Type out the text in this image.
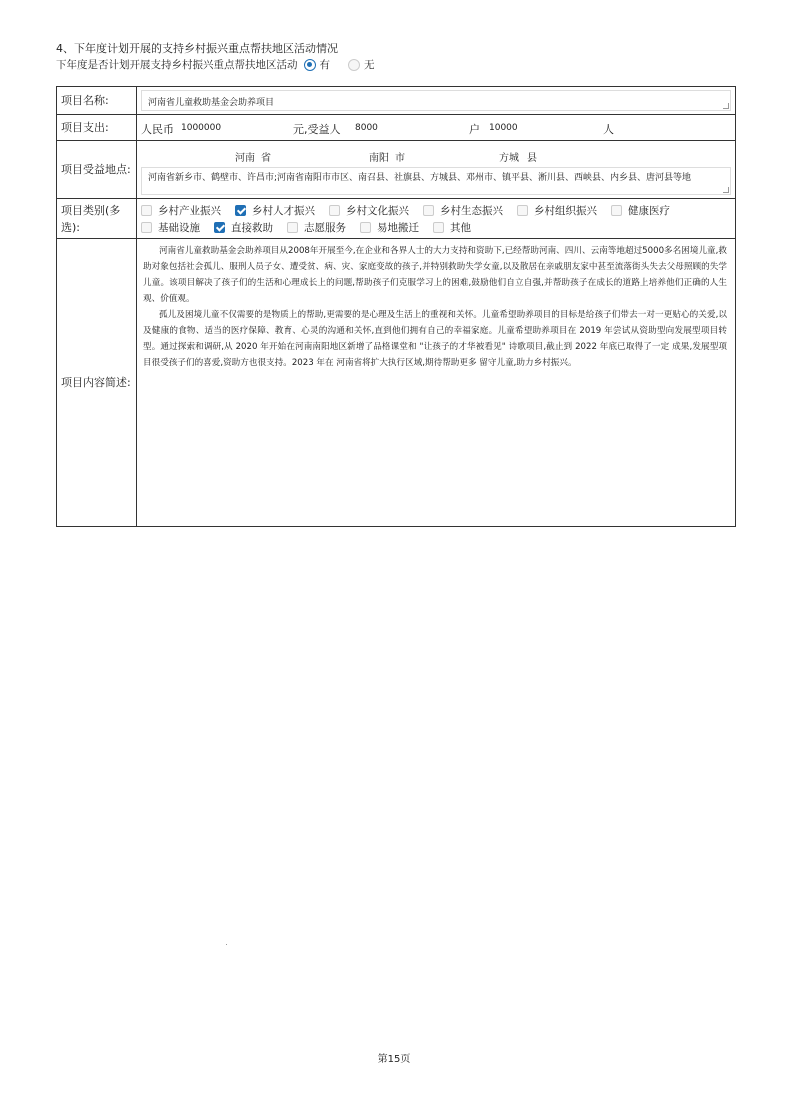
4、下年度计划开展的支持乡村振兴重点帮扶地区活动情况
下年度是否计划开展支持乡村振兴重点帮扶地区活动 有	无
项目名称:	河南省儿童救助基金会助养项目
项目支出:	人民币 1000000	元,受益人 8000	户 10000	人
项目受益地点:
河南 省	南阳 市	方城 县
河南省新乡市、鹤壁市、许昌市;河南省南阳市市区、南召县、社旗县、方城县、邓州市、镇平县、淅川县、西峡县、内乡县、唐河县等地
项目类别(多选):
乡村产业振兴	乡村人才振兴	乡村文化振兴	乡村生态振兴	乡村组织振兴	健康医疗
基础设施	直接救助	志愿服务	易地搬迁	其他
项目内容简述:

河南省儿童救助基金会助养项目从2008年开展至今,在企业和各界人士的大力支持和资助下,已经帮助河南、四川、云南等地超过5000多名困境儿童,救助对象包括社会孤儿、服刑人员子女、遭受贫、病、灾、家庭变故的孩子,并特别救助失学女童,以及散居在亲戚朋友家中甚至流落街头失去父母照顾的失学儿童。该项目解决了孩子们的生活和心理成长上的问题,帮助孩子们克服学习上的困难,鼓励他们自立自强,并帮助孩子在成长的道路上培养他们正确的人生观、价值观。

孤儿及困境儿童不仅需要的是物质上的帮助,更需要的是心理及生活上的重视和关怀。儿童希望助养项目的目标是给孩子们带去一对一更贴心的关爱,以及健康的食物、适当的医疗保障、教育、心灵的沟通和关怀,直到他们拥有自己的幸福家庭。儿童希望助养项目在 2019 年尝试从资助型向发展型项目转型。通过探索和调研,从 2020 年开始在河南南阳地区新增了品格课堂和 "让孩子的才华被看见" 诗歌项目,截止到 2022 年底已取得了一定 成果,发展型项目很受孩子们的喜爱,资助方也很支持。2023 年在 河南省将扩大执行区域,期待帮助更多 留守儿童,助力乡村振兴。

第15页
